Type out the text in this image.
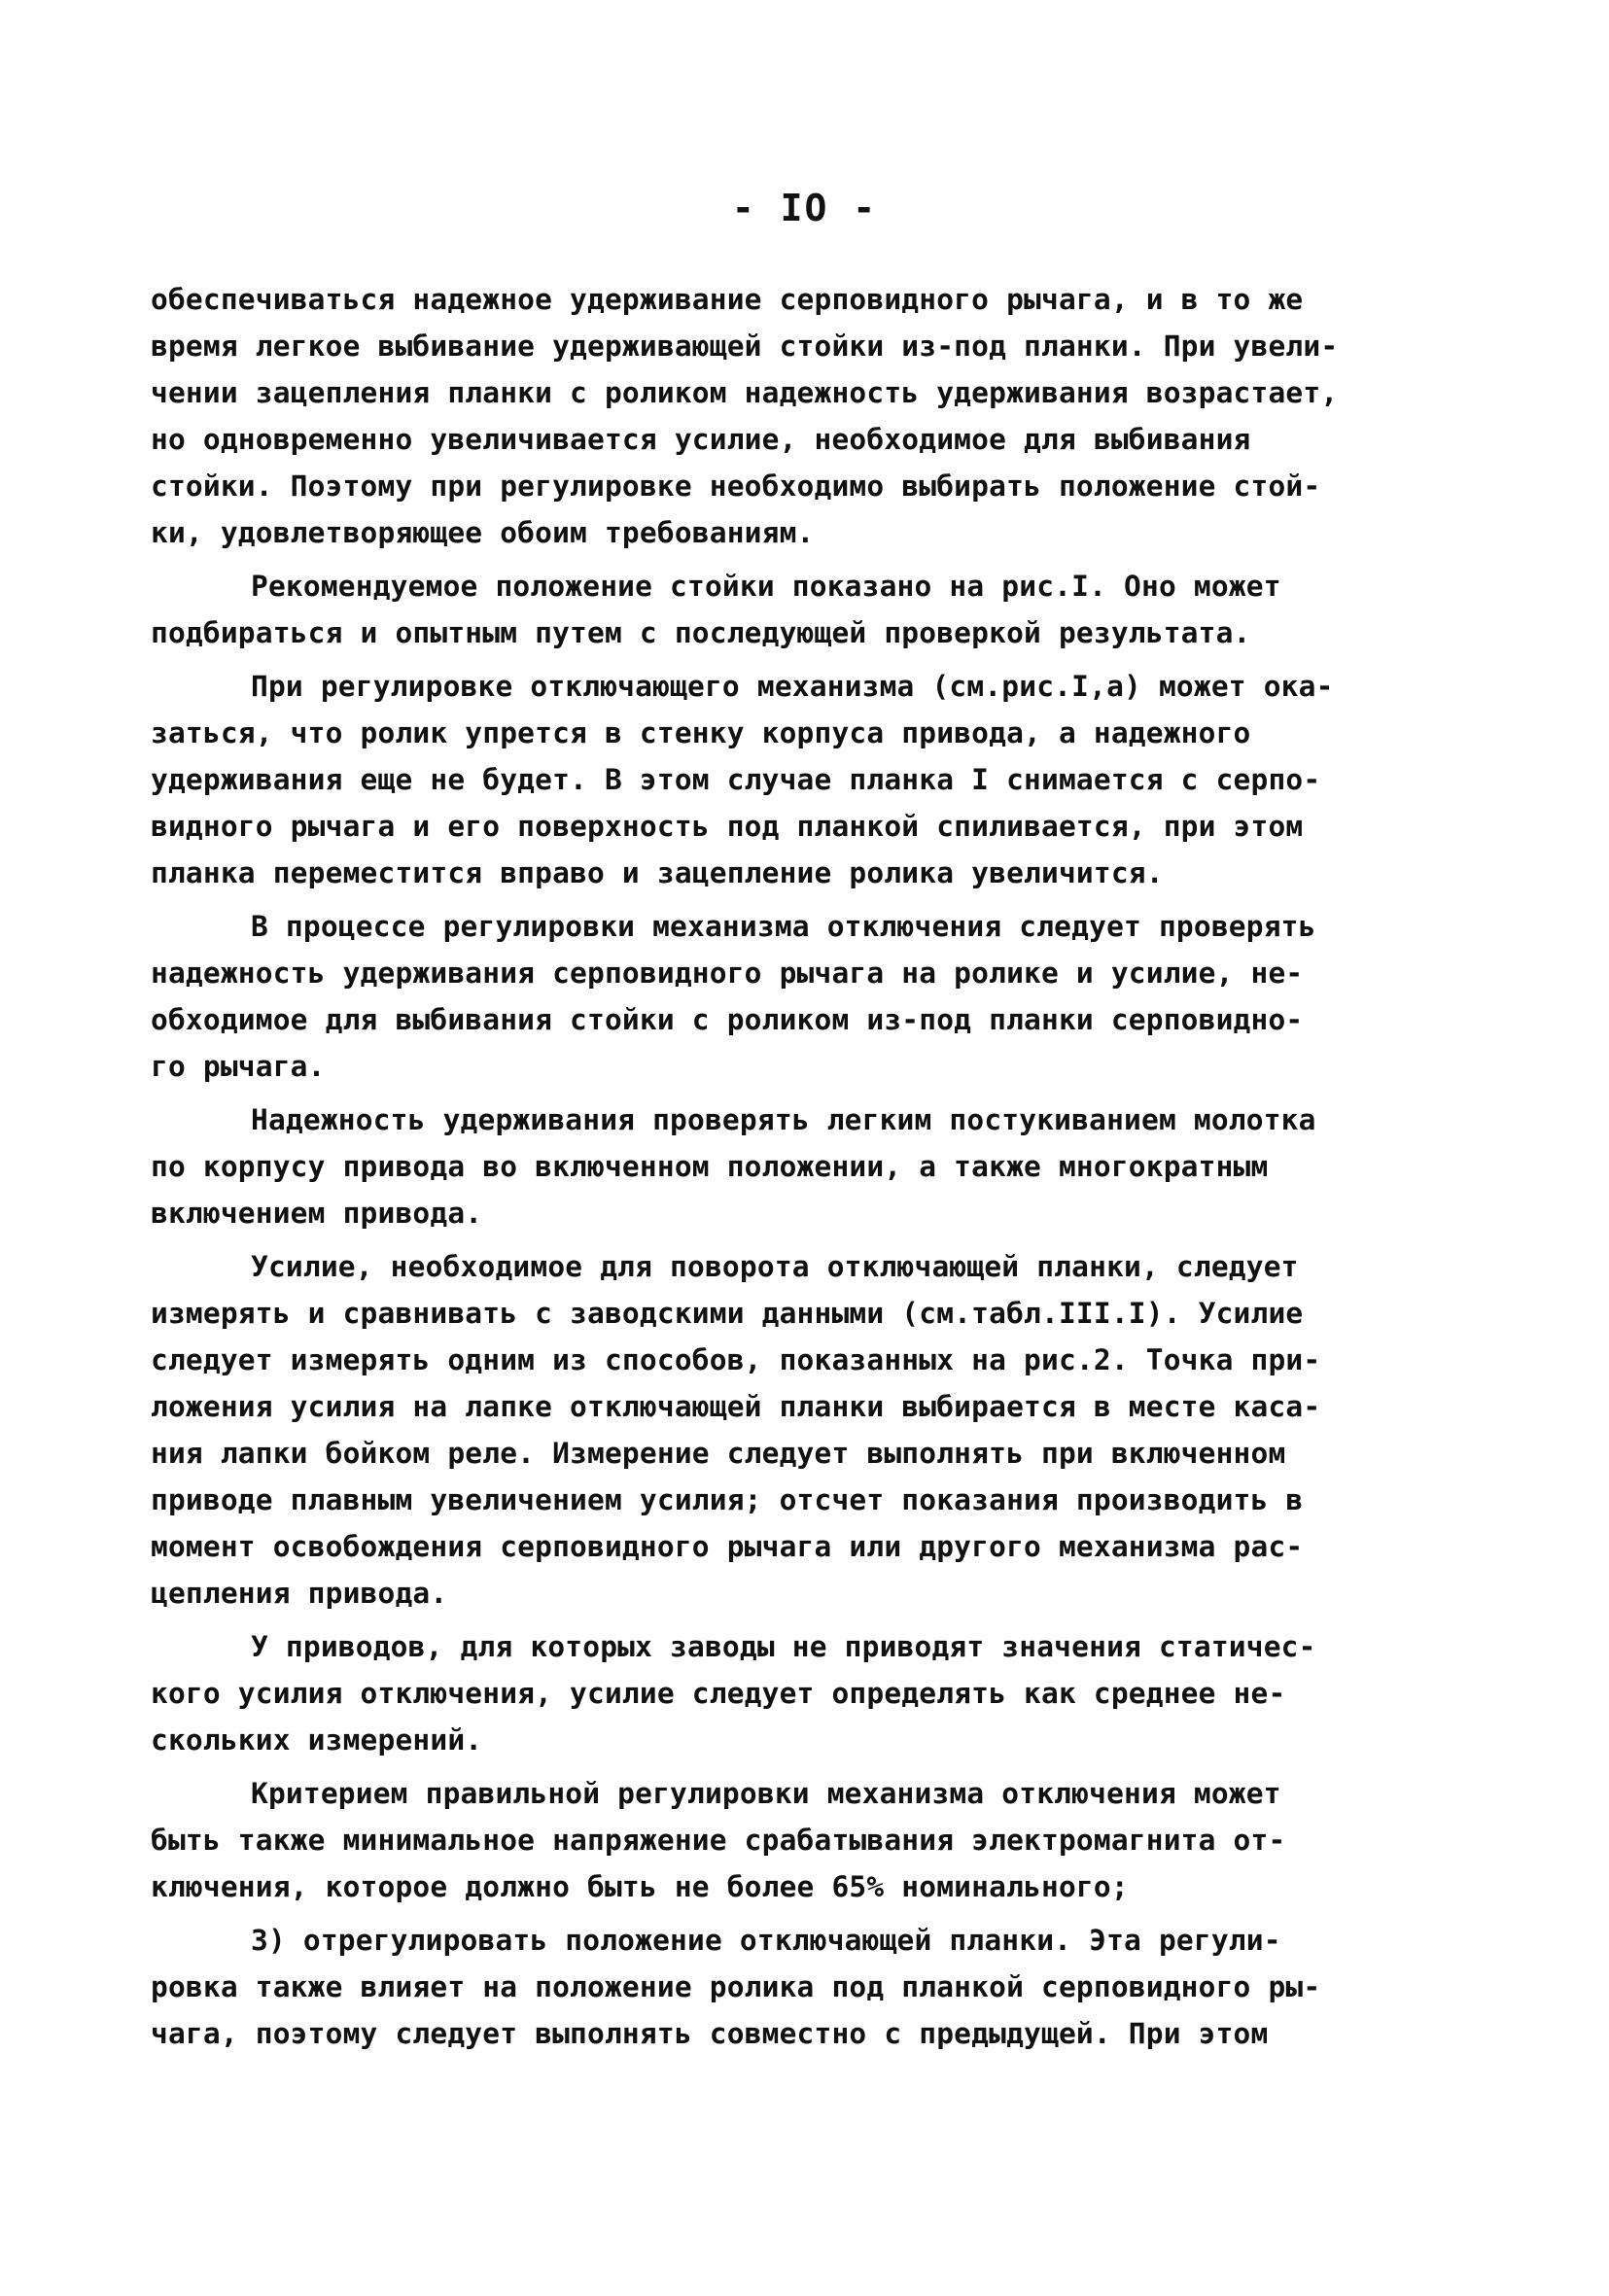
- IO -
обеспечиваться надежное удерживание серповидного рычага, и в то же
время легкое выбивание удерживающей стойки из-под планки. При увели-
чении зацепления планки с роликом надежность удерживания возрастает,
но одновременно увеличивается усилие, необходимое для выбивания
стойки. Поэтому при регулировке необходимо выбирать положение стой-
ки, удовлетворяющее обоим требованиям.
Рекомендуемое положение стойки показано на рис.I. Оно может
подбираться и опытным путем с последующей проверкой результата.
При регулировке отключающего механизма (см.рис.I,а) может ока-
заться, что ролик упрется в стенку корпуса привода, а надежного
удерживания еще не будет. В этом случае планка I снимается с серпо-
видного рычага и его поверхность под планкой спиливается, при этом
планка переместится вправо и зацепление ролика увеличится.
В процессе регулировки механизма отключения следует проверять
надежность удерживания серповидного рычага на ролике и усилие, не-
обходимое для выбивания стойки с роликом из-под планки серповидно-
го рычага.
Надежность удерживания проверять легким постукиванием молотка
по корпусу привода во включенном положении, а также многократным
включением привода.
Усилие, необходимое для поворота отключающей планки, следует
измерять и сравнивать с заводскими данными (см.табл.III.I). Усилие
следует измерять одним из способов, показанных на рис.2. Точка при-
ложения усилия на лапке отключающей планки выбирается в месте каса-
ния лапки бойком реле. Измерение следует выполнять при включенном
приводе плавным увеличением усилия; отсчет показания производить в
момент освобождения серповидного рычага или другого механизма рас-
цепления привода.
У приводов, для которых заводы не приводят значения статичес-
кого усилия отключения, усилие следует определять как среднее не-
скольких измерений.
Критерием правильной регулировки механизма отключения может
быть также минимальное напряжение срабатывания электромагнита от-
ключения, которое должно быть не более 65% номинального;
3) отрегулировать положение отключающей планки. Эта регули-
ровка также влияет на положение ролика под планкой серповидного ры-
чага, поэтому следует выполнять совместно с предыдущей. При этом
